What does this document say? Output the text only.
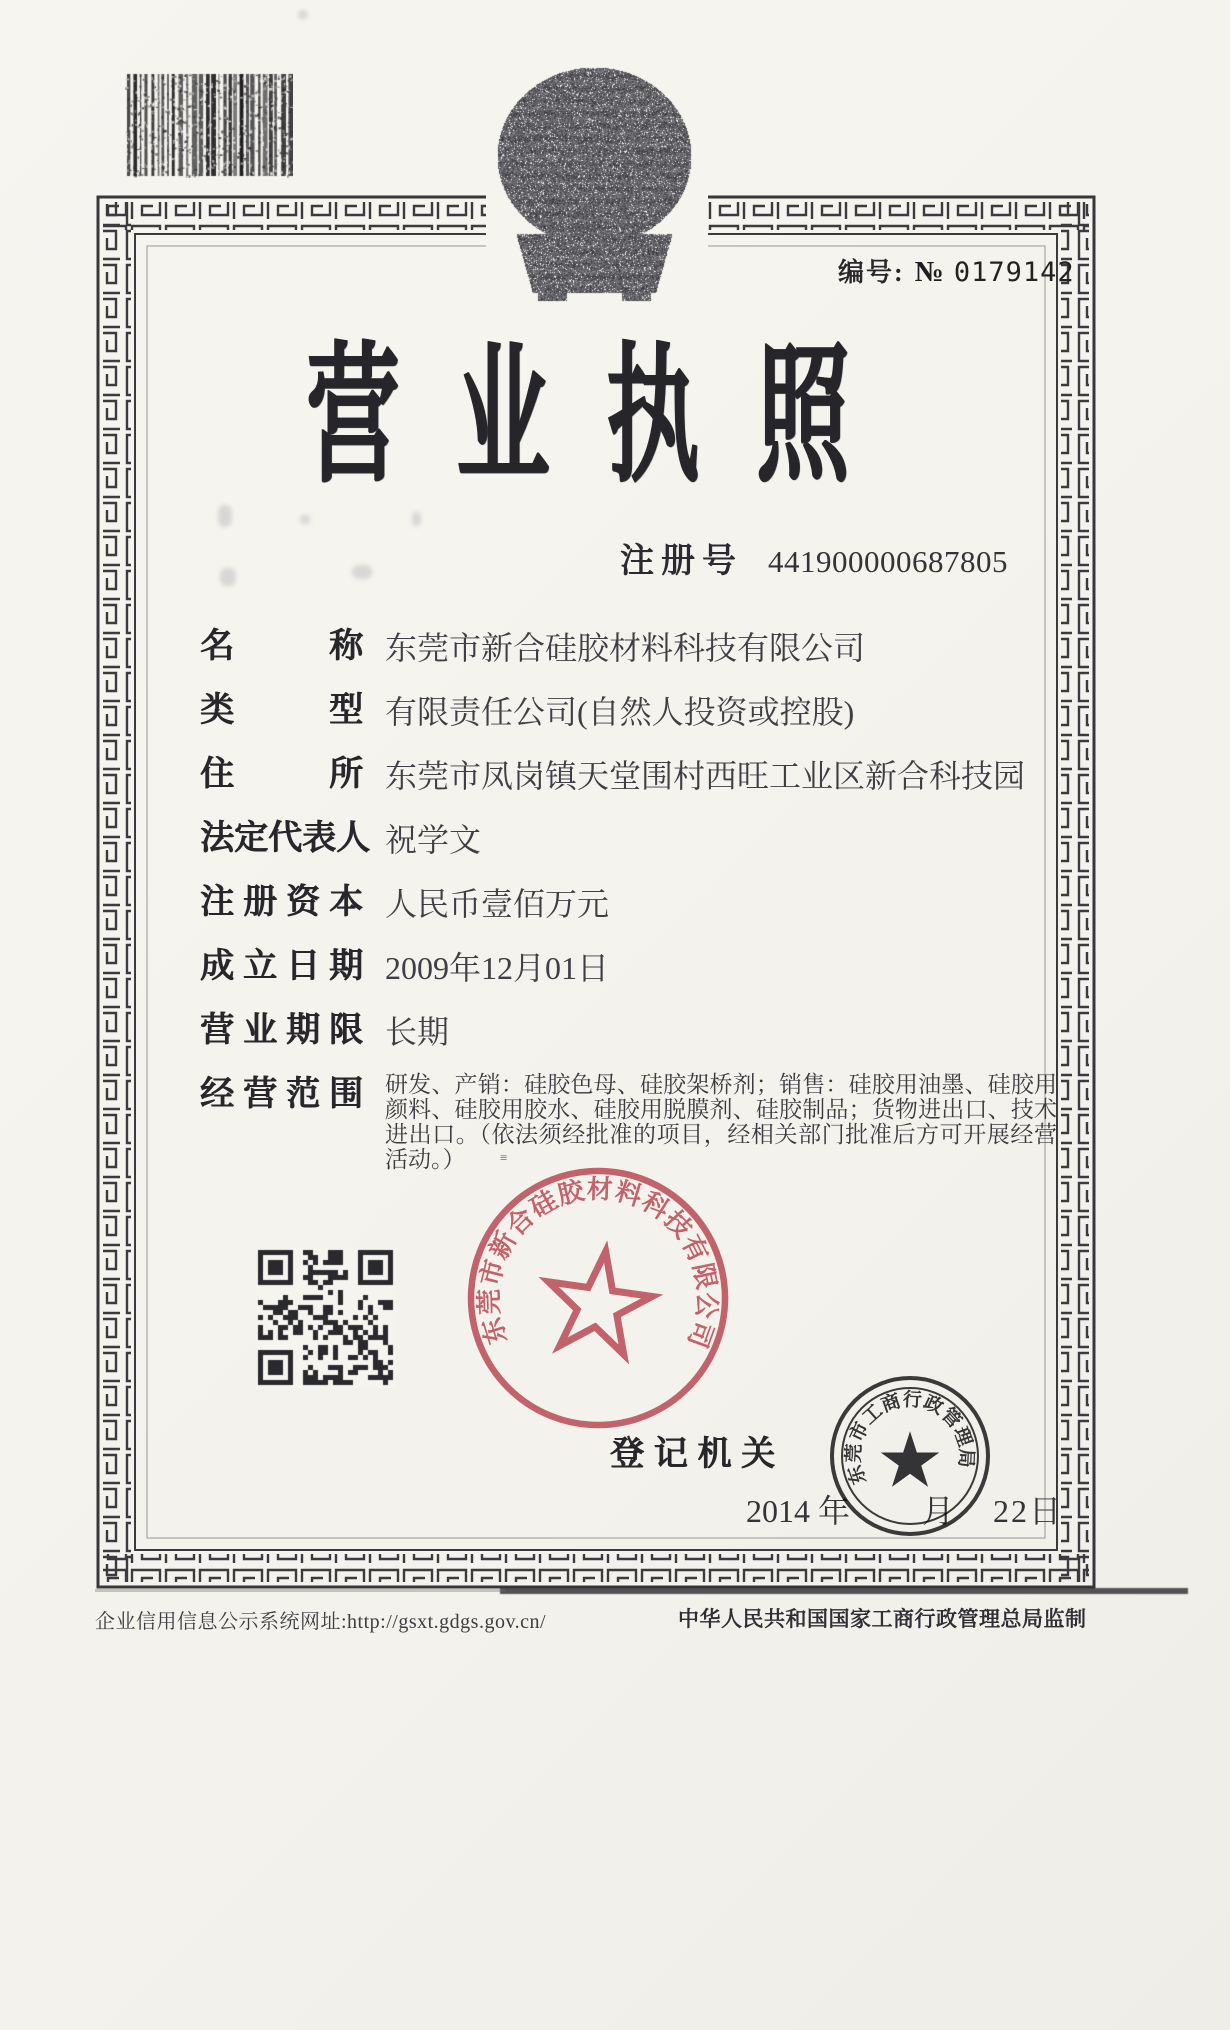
编号: № 0179142
营 业 执 照
注 册 号 441900000687805
名	称 东莞市新合硅胶材料科技有限公司
类	型 有限责任公司(自然人投资或控股)
住	所 东莞市凤岗镇天堂围村西旺工业区新合科技园
法 定 代 表 人 祝学文
注 册 资 本 人民币壹佰万元
成 立 日 期 2009年12月01日
营 业 期 限 长期
经 营 范 围 研发、产销：硅胶色母、硅胶架桥剂；销售：硅胶用油墨、硅胶用颜料、硅胶用胶水、硅胶用脱膜剂、硅胶制品；货物进出口、技术进出口。（依法须经批准的项目，经相关部门批准后方可开展经营活动。）	≡
东莞市新合硅胶材料科技有限公司
登 记 机 关
2014 年 月 22日
东莞市工商行政管理局
企业信用信息公示系统网址:http://gsxt.gdgs.gov.cn/	中华人民共和国国家工商行政管理总局监制
